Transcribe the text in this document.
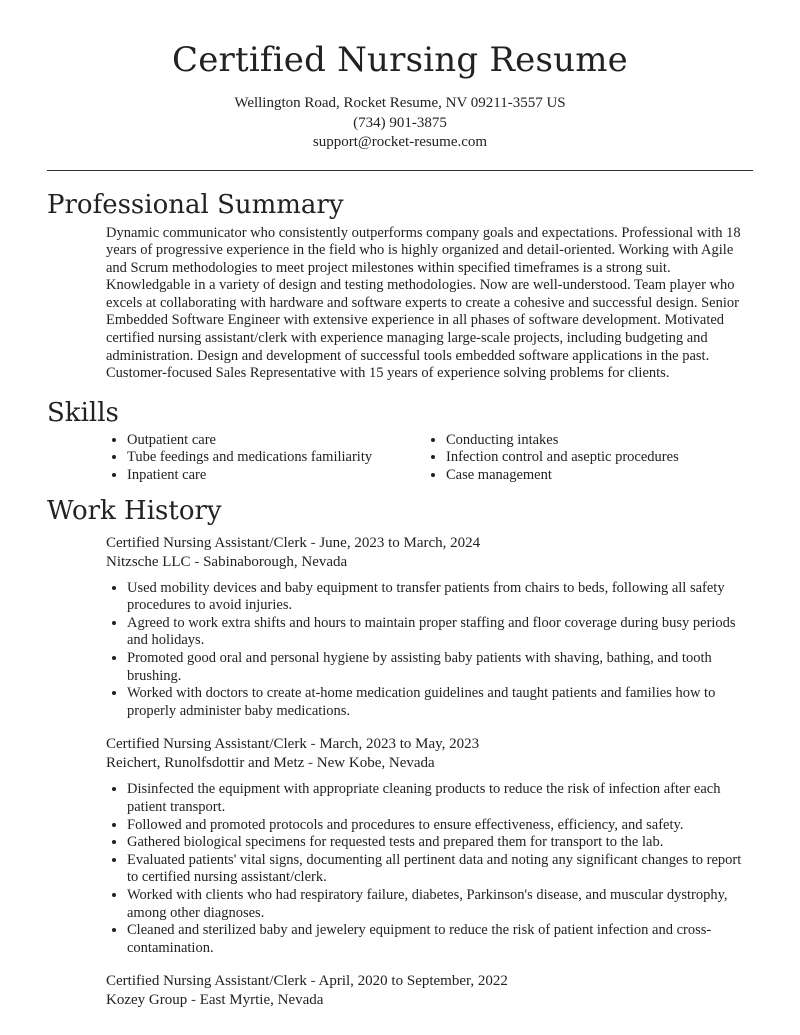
Certified Nursing Resume
Wellington Road, Rocket Resume, NV 09211-3557 US
(734) 901-3875
support@rocket-resume.com
Professional Summary

Dynamic communicator who consistently outperforms company goals and expectations. Professional with 18 years of progressive experience in the field who is highly organized and detail-oriented. Working with Agile and Scrum methodologies to meet project milestones within specified timeframes is a strong suit. Knowledgable in a variety of design and testing methodologies. Now are well-understood. Team player who excels at collaborating with hardware and software experts to create a cohesive and successful design. Senior Embedded Software Engineer with extensive experience in all phases of software development. Motivated certified nursing assistant/clerk with experience managing large-scale projects, including budgeting and administration. Design and development of successful tools embedded software applications in the past. Customer-focused Sales Representative with 15 years of experience solving problems for clients.

Skills
• Outpatient care
• Tube feedings and medications familiarity
• Inpatient care
• Conducting intakes
• Infection control and aseptic procedures
• Case management
Work History
Certified Nursing Assistant/Clerk - June, 2023 to March, 2024
Nitzsche LLC - Sabinaborough, Nevada
• Used mobility devices and baby equipment to transfer patients from chairs to beds, following all safety procedures to avoid injuries.
• Agreed to work extra shifts and hours to maintain proper staffing and floor coverage during busy periods and holidays.
• Promoted good oral and personal hygiene by assisting baby patients with shaving, bathing, and tooth brushing.
• Worked with doctors to create at-home medication guidelines and taught patients and families how to properly administer baby medications.
Certified Nursing Assistant/Clerk - March, 2023 to May, 2023
Reichert, Runolfsdottir and Metz - New Kobe, Nevada
• Disinfected the equipment with appropriate cleaning products to reduce the risk of infection after each patient transport.
• Followed and promoted protocols and procedures to ensure effectiveness, efficiency, and safety.
• Gathered biological specimens for requested tests and prepared them for transport to the lab.
• Evaluated patients' vital signs, documenting all pertinent data and noting any significant changes to report to certified nursing assistant/clerk.
• Worked with clients who had respiratory failure, diabetes, Parkinson's disease, and muscular dystrophy, among other diagnoses.
• Cleaned and sterilized baby and jewelery equipment to reduce the risk of patient infection and cross-contamination.
Certified Nursing Assistant/Clerk - April, 2020 to September, 2022
Kozey Group - East Myrtie, Nevada
